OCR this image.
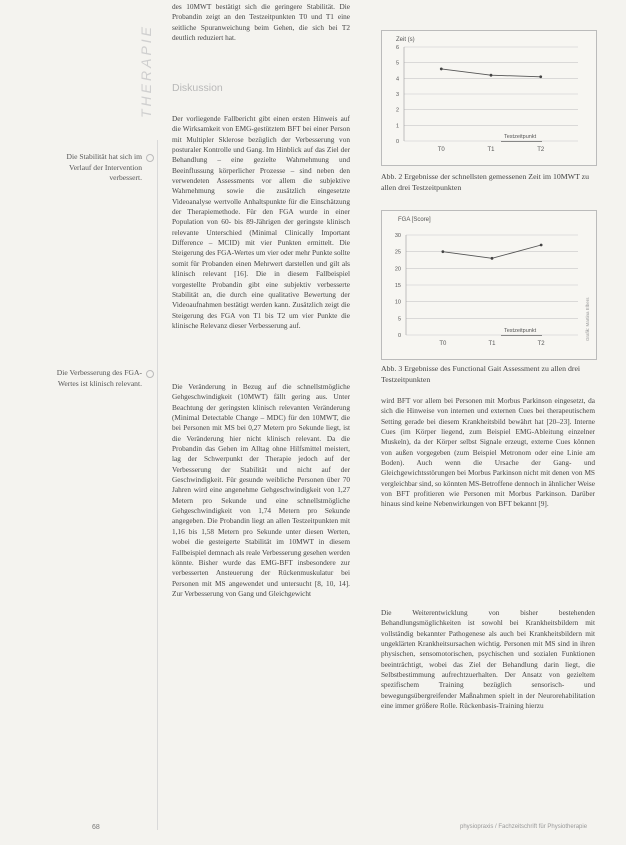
THERAPIE
Die Stabilität hat sich im Verlauf der Intervention verbessert.
Die Verbesserung des FGA-Wertes ist klinisch relevant.

des 10MWT bestätigt sich die geringere Stabilität. Die Probandin zeigt an den Testzeitpunkten T0 und T1 eine seitliche Spuranweichung beim Gehen, die sich bei T2 deutlich reduziert hat.

Diskussion

Der vorliegende Fallbericht gibt einen ersten Hinweis auf die Wirksamkeit von EMG-gestütztem BFT bei einer Person mit Multipler Sklerose bezüglich der Verbesserung von posturaler Kontrolle und Gang. Im Hinblick auf das Ziel der Behandlung – eine gezielte Wahrnehmung und Beeinflussung körperlicher Prozesse – sind neben den verwendeten Assessments vor allem die subjektive Wahrnehmung sowie die zusätzlich eingesetzte Videoanalyse wertvolle Anhaltspunkte für die Einschätzung der Therapiemethode. Für den FGA wurde in einer Population von 60- bis 89-Jährigen der geringste klinisch relevante Unterschied (Minimal Clinically Important Difference – MCID) mit vier Punkten ermittelt. Die Steigerung des FGA-Wertes um vier oder mehr Punkte sollte somit für Probanden einen Mehrwert darstellen und gilt als klinisch relevant [16]. Die in diesem Fallbeispiel vorgestellte Probandin gibt eine subjektiv verbesserte Stabilität an, die durch eine qualitative Bewertung der Videoaufnahmen bestätigt werden kann. Zusätzlich zeigt die Steigerung des FGA von T1 bis T2 um vier Punkte die klinische Relevanz dieser Verbesserung auf.

Die Veränderung in Bezug auf die schnellstmögliche Gehgeschwindigkeit (10MWT) fällt gering aus. Unter Beachtung der geringsten klinisch relevanten Veränderung (Minimal Detectable Change – MDC) für den 10MWT, die bei Personen mit MS bei 0,27 Metern pro Sekunde liegt, ist die Veränderung hier nicht klinisch relevant. Da die Probandin das Gehen im Alltag ohne Hilfsmittel meistert, lag der Schwerpunkt der Therapie jedoch auf der Verbesserung der Stabilität und nicht auf der Geschwindigkeit. Für gesunde weibliche Personen über 70 Jahren wird eine angenehme Gehgeschwindigkeit von 1,27 Metern pro Sekunde und eine schnellstmögliche Gehgeschwindigkeit von 1,74 Metern pro Sekunde angegeben. Die Probandin liegt an allen Testzeitpunkten mit 1,16 bis 1,58 Metern pro Sekunde unter diesen Werten, wobei die gesteigerte Stabilität im 10MWT in diesem Fallbeispiel demnach als reale Verbesserung gesehen werden könnte. Bisher wurde das EMG-BFT insbesondere zur verbesserten Ansteuerung der Rückenmuskulatur bei Personen mit MS angewendet und untersucht [8, 10, 14]. Zur Verbesserung von Gang und Gleichgewicht

Zeit (s)
0
1
2
3
4
5
6
Testzeitpunkt
T0	T1	T2
Abb. 2 Ergebnisse der schnellsten gemessenen Zeit im 10MWT zu allen drei Testzeitpunkten
FGA [Score]
0
5
10
15
20
25
30
Testzeitpunkt
T0	T1	T2
Grafik: Martina Elbers
Abb. 3 Ergebnisse des Functional Gait Assessment zu allen drei Testzeitpunkten

wird BFT vor allem bei Personen mit Morbus Parkinson eingesetzt, da sich die Hinweise von internen und externen Cues bei therapeutischem Setting gerade bei diesem Krankheitsbild bewährt hat [20–23]. Interne Cues (im Körper liegend, zum Beispiel EMG-Ableitung einzelner Muskeln), da der Körper selbst Signale erzeugt, externe Cues können von außen vorgegeben (zum Beispiel Metronom oder eine Linie am Boden). Auch wenn die Ursache der Gang- und Gleichgewichtsstörungen bei Morbus Parkinson nicht mit denen von MS vergleichbar sind, so könnten MS-Betroffene dennoch in ähnlicher Weise von BFT profitieren wie Personen mit Morbus Parkinson. Darüber hinaus sind keine Nebenwirkungen von BFT bekannt [9].

Die Weiterentwicklung von bisher bestehenden Behandlungsmöglichkeiten ist sowohl bei Krankheitsbildern mit vollständig bekannter Pathogenese als auch bei Krankheitsbildern mit ungeklärten Krankheitsursachen wichtig. Personen mit MS sind in ihren physischen, sensomotorischen, psychischen und sozialen Funktionen beeinträchtigt, wobei das Ziel der Behandlung darin liegt, die Selbstbestimmung aufrechtzuerhalten. Der Ansatz von gezieltem spezifischem Training bezüglich sensorisch- und bewegungsübergreifender Maßnahmen spielt in der Neurorehabilitation eine immer größere Rolle. Rückenbasis-Training hierzu

68	physiopraxis / Fachzeitschrift für Physiotherapie
